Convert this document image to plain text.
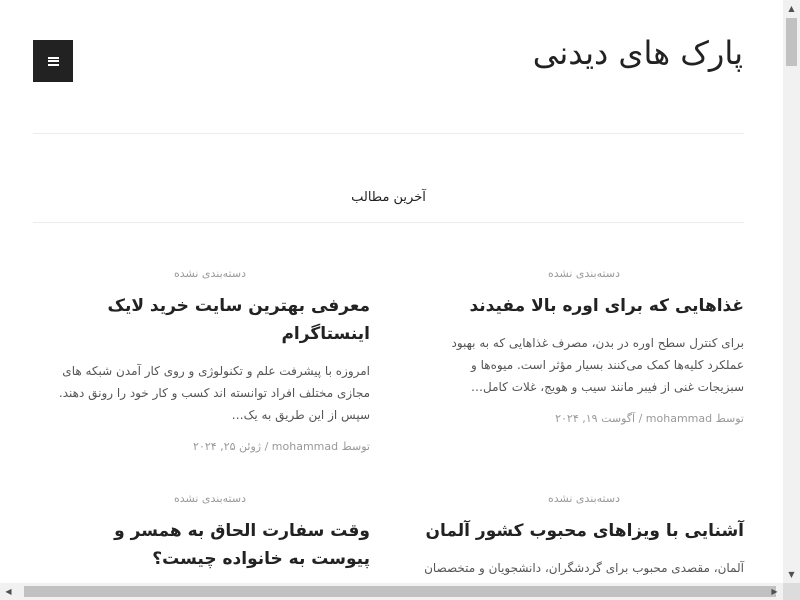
پارک های دیدنی
آخرین مطالب
دسته‌بندی نشده
غذاهایی که برای اوره بالا مفیدند
برای کنترل سطح اوره در بدن، مصرف غذاهایی که به بهبود عملکرد کلیه‌ها کمک می‌کنند بسیار مؤثر است. میوه‌ها و سبزیجات غنی از فیبر مانند سیب و هویج، غلات کامل…
توسط mohammad / آگوست ۱۹, ۲۰۲۴
دسته‌بندی نشده
معرفی بهترین سایت خرید لایک اینستاگرام
امروزه با پیشرفت علم و تکنولوژی و روی کار آمدن شبکه های مجازی مختلف افراد توانسته اند کسب و کار خود را رونق دهند. سپس از این طریق به یک…
توسط mohammad / ژوئن ۲۵, ۲۰۲۴
دسته‌بندی نشده
آشنایی با ویزاهای محبوب کشور آلمان
آلمان، مقصدی محبوب برای گردشگران، دانشجویان و متخصصان
دسته‌بندی نشده
وقت سفارت الحاق به همسر و پیوست به خانواده چیست؟
▲
▼
◀	▶
